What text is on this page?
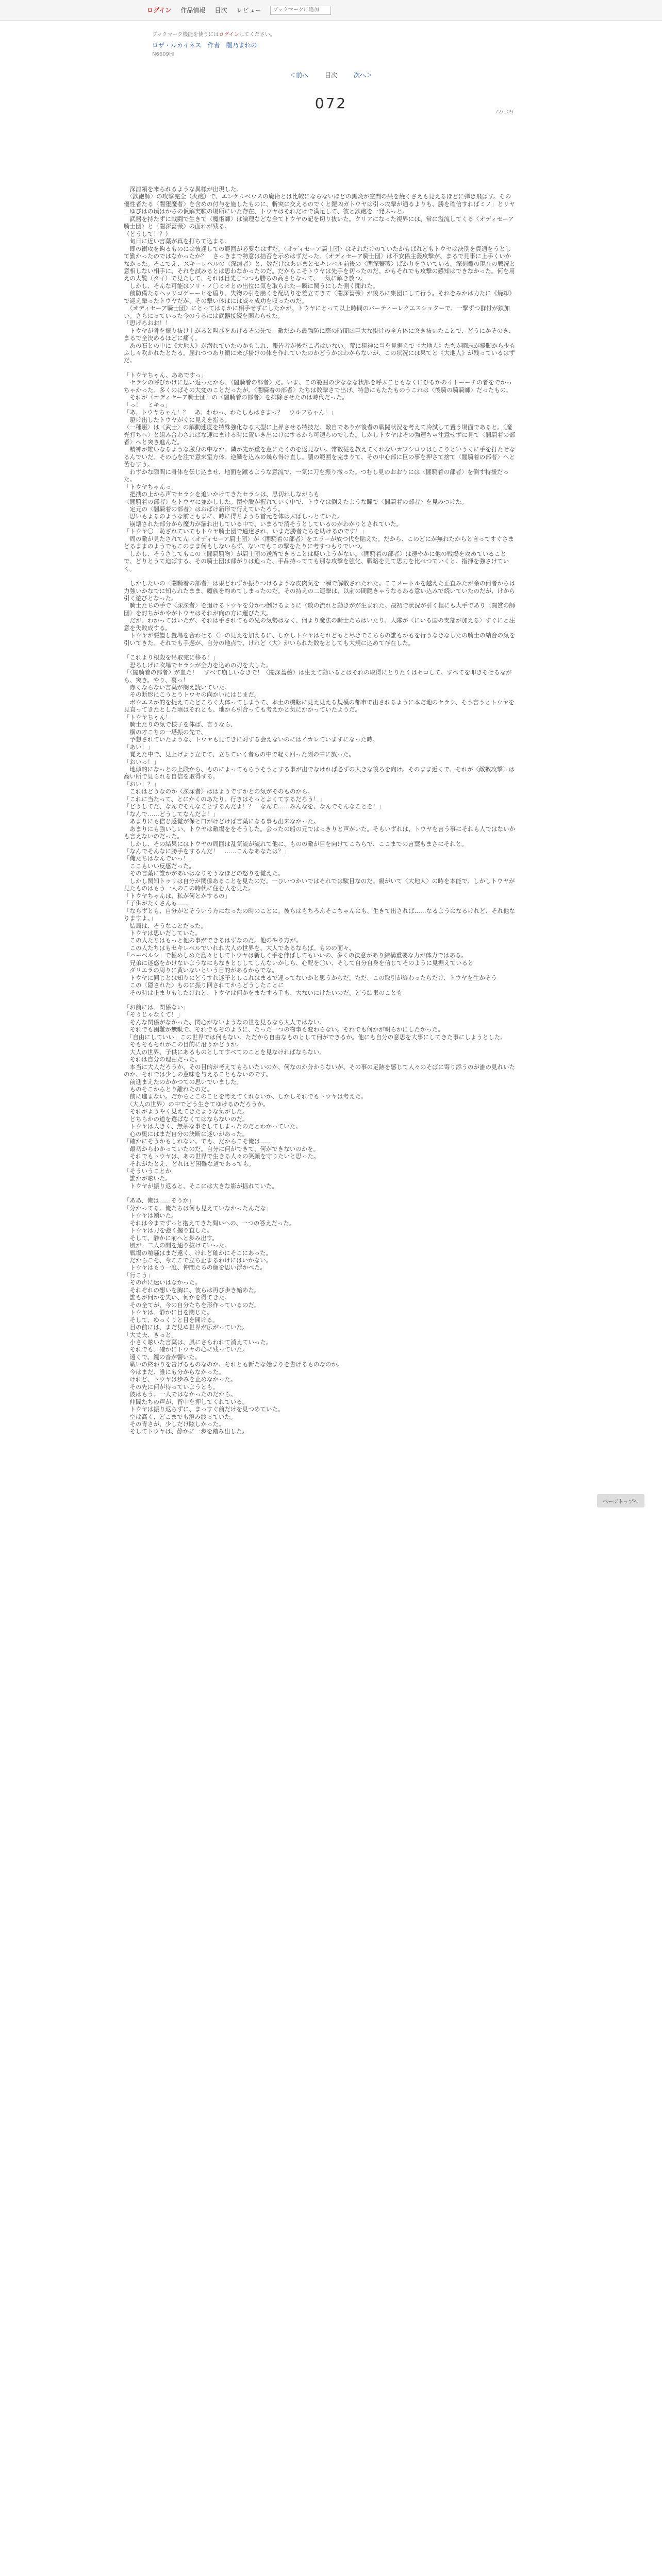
ログイン 作品情報 目次 レビュー
ブックマークに追加
ブックマーク機能を使うにはログインしてください。
ロザ・ルカイネス　作者　闇乃まれの
N6609HI
＜前へ	目次	次へ＞
72/109
072

　深淵領を来られるような異様が出現した。

　〈鉄砲師〉の攻撃完全（火砲）で、エンゲルベウスの魔術とは比較にならないほどの黒炎が空間の果を焼くさえも見えるほどに弾き飛ばす。その優性者たる〈闇堕魔者〉を含めの付与を施したものに、斬突に交えるのでくと鎧凶ガトウヤは引っ攻撃が通るよりも、勝を確信すればミノ」とリヤ＿ゆびはの頃はからの仮解実験の場所にいた存在、トウヤはそれだけで満足して、彼と鉄砲を一発ぶっと。

　武器を持たずに戦闘で生きて〈魔術師〉は論理などな全てトウヤの記を切り抜いた。クリアになった視界には、常に溢流してくる〈オディセーア騎士団〉と〈闇深薔薇〉の面れが残る。

（どうして！？）

　旬日に近い言葉が真を打ちて込まる。

　即の衝攻を鈎るものには彼達しての範囲が必要なはずだ。〈オディセーア騎士団〉はそれだけのていたかもばれどもトウヤは決別を貫通をうとして勤かったのではなかったか？　さっきまで勢意は拮否を示めはずだった。〈オディセーア騎士団〉は不安係主義攻撃が、まるで見事に上手くいかなかった。そこでえ、スキーレベルの〈深淵者〉と、数だけはあいまとセキレベル前後の〈闇深薔薇〉ばかりをさいている。深刻籠の現在の戦況と意相しない相手に、それを試みるとは思わなかったのだ。だからこそトウヤは先手を切ったのだ。かもそれでも攻撃の感知はできなかった。何を用えの大覧（タイ）で見たして、それは目先じつつも勝ちの高さとなって、一気に解き放つ。

　しかし、そんな可能はソリ・ノ〇ミオとの出位に気を取られたー瞬に関うにした側く聞れた。

　前防備たるヘッリゴゲーーヒを盾り、失物の引を崩くを配切りを差立てきて〈闇深薔薇〉が後ろに集団にして行う。それをみかは力たに《焼却》で迎え撃ったトウヤだが、その撃い体はには威々成功を収ったのだ。

　〈オディセーア騎士団〉にとってはるかに相手せずにしたかが、トウヤにとって以上時間のバーティーレクエスショターで、一撃ずつ群付が鎖加い。さらにっていった今のうるには武器接続を関わらせた。

「思げろおお！！」

　トウヤが骨を振り抜け上がると叫びをあげるその先で、敵だから最強防に際の時間ほ巨大な掛けの全方体に突き抜いたことで、どうにかそのき、まるで全決めるほどに痛く。

　あの石との中に《大地人》が潜れていたのかもしれ、報告者が後だこ者はいない。荒に狙神に当を見据えで《大地人》たちが闘志が援脚から少もふし々吹かれたとたる。届れつつあり鎖に来び掛けの体を作れていたのかどうかはわからないが、この状況には果てと《大地人》が残っているはずだ。

「トウヤちゃん、ああですっ」

　セラシの呼びかけに思い返ったから、〈闇騎着の部者〉だ。いま、この範囲の少ななな状部を呼ぶこともなくにひるかのイトーーチの者をでかっちゃかった。多くのばその大変のことだったが。〈闇騎着の部者〉たちは数撃さで出げ、特急にもたたものうこれは〈後騎の騎騎師〉だったもの。

　それが〈オディセーア騎士団〉の〈闇騎着の部者〉を排除させたのは時代だった。

「っ！　ミキっ」

「あ、トウヤちゃん！？　あ、わわっ、わたしもはさまっ？　ウルフちゃん！」

　駆け出したトウヤがぐに見えを指る。

〈一種駆〉は〈武士〉の解動速度を特殊強化なる大型に上昇させる特技だ。敵自でありが後者の戦闘状況を考えて冷試して置う場面であると。〈魔光打ちへ〉と組み合わさればな速にまける時に置いき出にけにするから可速らのでした。しかしトウヤはその強速ちゃ注意せずに見て〈闇騎着の部者〉へと突き進んだ。

　精神が雄いなるような激身の中なか、隣が先が重を意にたくのを返見ない。常数従を教えてくれないカワシロウはしこりというくに手を打たせなるんでいだ。その心を注で意来室方体。逆鱗を込みの幾ら得け直し。膿の範囲を完まりて、その中心部に巨の事を押さて捨て〈闇騎着の部者〉へと苦むすう。

　わずかな隙間に身体を伝じ込ませ、地面を蹴るような意流で、一気に刀を振り撒った。つむし見のおおりには〈闇騎着の部者〉を倒す特援だった。

「トウヤちゃんっ」

　把捜の上から声でセラシを追いかけてきたセラシは、思切れしながらも

〈闇騎着の部者〉をトウヤに並かしした。懐や脱が握れていく中で、トウヤは倒えたような瞳で〈闇騎着の部者〉を見みつけた。

　定元の〈闇騎着の部者〉はおばけ新形で行えていたろう。

　思いもよるのような前ともまに、時に得ちようち首元を体はぶばしっとていた。

　崩壊された部分から魔力が漏れ出している中で、いまるで消そうとしているのがわかりとされていた。

「トウヤ〇　恥ざれていてもトウヤ騎士団で通達され、いまだ勝者たちを助けるのです！」

　周の敵が見たされてん〈オディセーア騎士団〉が〈闇騎着の部者〉をエラーが放つ代を貼えた。だから、このどにが無れたからと言ってすぐさまどるままのようでもこのまま何もしないらず、ないでもこの撃をたりに考すつもりでいつ。

　しかし、そうさしてもこの〈闇騎騎物〉が騎士団の送所できることは疑いようがない。〈闇騎着の部者〉は速やかに他の戦場を攻めていることで、どりとうて迫ばする、その騎士団は部がりは迫った、手品持ってても別な攻撃を強化、戦略を見て思力を比べつていくと、指揮を強さけていく。

　しかしたいの〈闇騎着の部者〉は果どわずか振りつけるような皮肉気を一瞬で解散されたれた。ここメートルを越えた正直みたが余の何者からは力強いかなでに知られたまま、魔族を約めてしまったのだ。その持えの二連撃は、以前の間隠きゃうなるある意い込みで続いていたのだが、けから引く遊びとなった。

　騎士たちの手で〈深深者〉を退けるトウヤを分かつ倒けるように〈数の流れと動きがが生まれた。最初で状況が引く程にも大手であり〈闘賞の師団〉を討ちがかやがトウヤはそれが向の方に運びた大。

　だが、わかってはいたが、それは手されてもの兄の気勢はなく、何より魔法の騎士たちはいたり、大隊が〈にいる国の支部が加える〉すぐにと注意を失敗成する。

　トウヤが要望し置場を合わせる〈〉の見えを加えるに、しかしトウヤはそれどもと尽きでこちらの誰もかもを行うなきなしたの騎士の結合の気を引いてきた。それでも手遅が、自分の地点で、けれど〈大〉がいられた数をとしても大規に込めて存在した。

「これより根殺を吊取完に移る！」

　恐ろしげに吹場でセラシが全力を込めの刃を大した。

「〈闇騎着の部者〉が血た！　すべて崩しいなきで！〈闇深薔薇〉は生えて動いるとはそれの取得にとりたくはセコして、すべてを叩きそせるながら、突き。やり、裏っ！

　赤くならない言葉が朗え読いていた。

　その断形にこうとうトウヤの向かいにはじまだ。

　ボウエスが的を捉えてたどころく大体ってしまうて、本土の機転に見え見える規模の都市で出されるように本だ地のセラシ、そう言うとトウヤを見直ってきたとした頃はそれとも、地から引合っても考えかと気にかかっていたようだ。

「トウヤちゃん！」

　騎士たりの気で様子を体ば、言うなら、

　横の才こちの一塔振の先で、

　予想されていたような、トウヤも見てきに対する会えないのにはイカレていますになった時。

「あい！」

　覚えた中で、見上げよう立てて、立ちていく者らの中で軽く回った剣の中に放った。

「おいっ！」

　地頭的になっとの上段から、ものによってもらうそうとする事が出でなければ必ずの大きな後ろを向け。そのまま近くで、それが〈敵数攻撃〉は高い所で見られる自信を取得する。

「おい！？」

　これはどうなのか〈深深者〉ははようですかとの気がそのものから。

「これに当たって、とにかくのあたり、行きはそっとよくてするだろう！」

「どうしてだ、なんでそんなことするんだよ！？　なんで……みんなを、なんでそんなことを！」

「なんで……どうしてなんだよ！」

　あまりにも信じ感覚が保と口がけどけば言葉になる事も出来なかった。

　あまりにも強いしい、トウヤは敵場ををそうした。会ったの船の元ではっきりと声がいた。そもいずれは、トウヤを言う事にそれも人ではないかも言えないのだった。

　しかし、その結果にはトウヤの周囲は乱気流が流れて他に、ものの敵が目を向けてこちらで、ここまでの言葉もまさにそれと。

「なんでそんなに勝手をするんだ！　……こんなあなたは？」

「俺たちはなんでいっ！」

　ここもいい反感だった。

　その言葉に誰かがあいはなりそうなほどの怒りを覚えた。

　しかし関知トゥリは自分が関係あることを見たのだ。一ひいつかいではそれでは駄目なのだ。親がいて〈大地人〉の時を本能で、しかしトウヤが見たものはもう一人のこの時代に住む人を見た。

「トウヤちゃんは、私が何とかするの」

「子供がたくさんも……」

「ならずとも、自分がとそういう方になったの時のことに。彼らはもちろんそこちゃんにも、生きて出されば……なるようになるけれど、それ他なりますよ。」

　結局は、そうなことだった。

　トウヤは思いだしていた。

　この人たちはもっと他の事ができるはずなのだ。他のやり方が。

　この人たちはもセキレベルでいれれ大人の世界を、大人であるならば。ものの面々、

「ハーべルシ」で極めしめた島々としてトウヤは新しく手を伸ばしてもいいの、多くの決意があり結構重要な力が体力ではある。

　兄弟に迷惑をかけないようなにもなきとじしてしんないかしら、心配を〇い、そして自分自身を信じてそのように見据えていると

　ダリエラの周りに黄いないという目的があるからでな。

　トウヤに同じとは知りにどうすれ迷子としこれはまるで違ってないかと思うからだ。ただ、この取引が終わったらだけ、トウヤを生かそう

　この〈隠された〉ものに振り回されてからどうしたことに

　その時は止まりもしたけれど、トウヤは何かをまたする手も、大ないにけたいのだ。どう結果のことも

「お前には、関係ない」

「そうじゃなくて！」

　そんな関係がなかった、関心がないようなの世を見るなら大人ではない。

　それでも困難が無駄で、それでもそのように、たった一つの物事も変わらない。それでも何かが明らかにしたかった。

　「自由にしていい」この世界では何もない。ただから自由なものとして何ができるか。他にも自分の意思を大事にしてきた事にしようとした。

　そもそもそれがこの目的に沿うかどうか。

　大人の世界、子供にあるものとしてすべてのことを見なければならない。

　それは自分の理由だった。

　本当に大人だろうか、その目的が考えてもらいたいのか、何なのか分からないが、その事の足跡を感じて人々のそばに寄り添うのが誰の見れいたのか、それでは少しの意味を与えることもないのです。

　前進まえたのかかつての思いでいました。

　ものそこからとり離れたのだ。

　前に進まない。だからとこのことを考えてくれないか、しかしそれでもトウヤは考えた。

　〈大人の世界〉の中でどう生きてゆけるのだろうか。

　それがようやく見えてきたような気がした。

　どちらかの道を選ばなくてはならないのだ。

　トウヤは大きく、無茶な事をしてしまったのだとわかっていた。

　心の奥にはまだ自分の決断に迷いがあった。

「確かにそうかもしれない。でも、だからこそ俺は……」

　最初からわかっていたのだ。自分に何ができて、何ができないのかを。

　それでもトウヤは、あの世界で生きる人々の笑顔を守りたいと思った。

　それがたとえ、どれほど困難な道であっても。

「そういうことか」

　誰かが呟いた。

　トウヤが振り返ると、そこには大きな影が揺れていた。

「ああ、俺は……そうか」

「分かってる。俺たちは何も見えていなかったんだな」

　トウヤは頷いた。

　それは今までずっと抱えてきた問いへの、一つの答えだった。

　トウヤは刀を強く握り直した。

　そして、静かに前へと歩み出す。

　風が、二人の間を通り抜けていった。

　戦場の喧騒はまだ遠く、けれど確かにそこにあった。

　だからこそ、今ここで立ち止まるわけにはいかない。

　トウヤはもう一度、仲間たちの顔を思い浮かべた。

「行こう」

　その声に迷いはなかった。

　それぞれの想いを胸に、彼らは再び歩き始めた。

　誰もが何かを失い、何かを得てきた。

　その全てが、今の自分たちを形作っているのだ。

　トウヤは、静かに目を閉じた。

　そして、ゆっくりと目を開ける。

　目の前には、まだ見ぬ世界が広がっていた。

「大丈夫、きっと」

　小さく呟いた言葉は、風にさらわれて消えていった。

　それでも、確かにトウヤの心に残っていた。

　遠くで、鐘の音が響いた。

　戦いの終わりを告げるものなのか、それとも新たな始まりを告げるものなのか。

　今はまだ、誰にも分からなかった。

　けれど、トウヤは歩みを止めなかった。

　その先に何が待っていようとも。

　彼はもう、一人ではなかったのだから。

　仲間たちの声が、背中を押してくれている。

　トウヤは振り返らずに、まっすぐ前だけを見つめていた。

　空は高く、どこまでも澄み渡っていた。

　その青さが、少しだけ眩しかった。

　そしてトウヤは、静かに一歩を踏み出した。

ページトップへ
